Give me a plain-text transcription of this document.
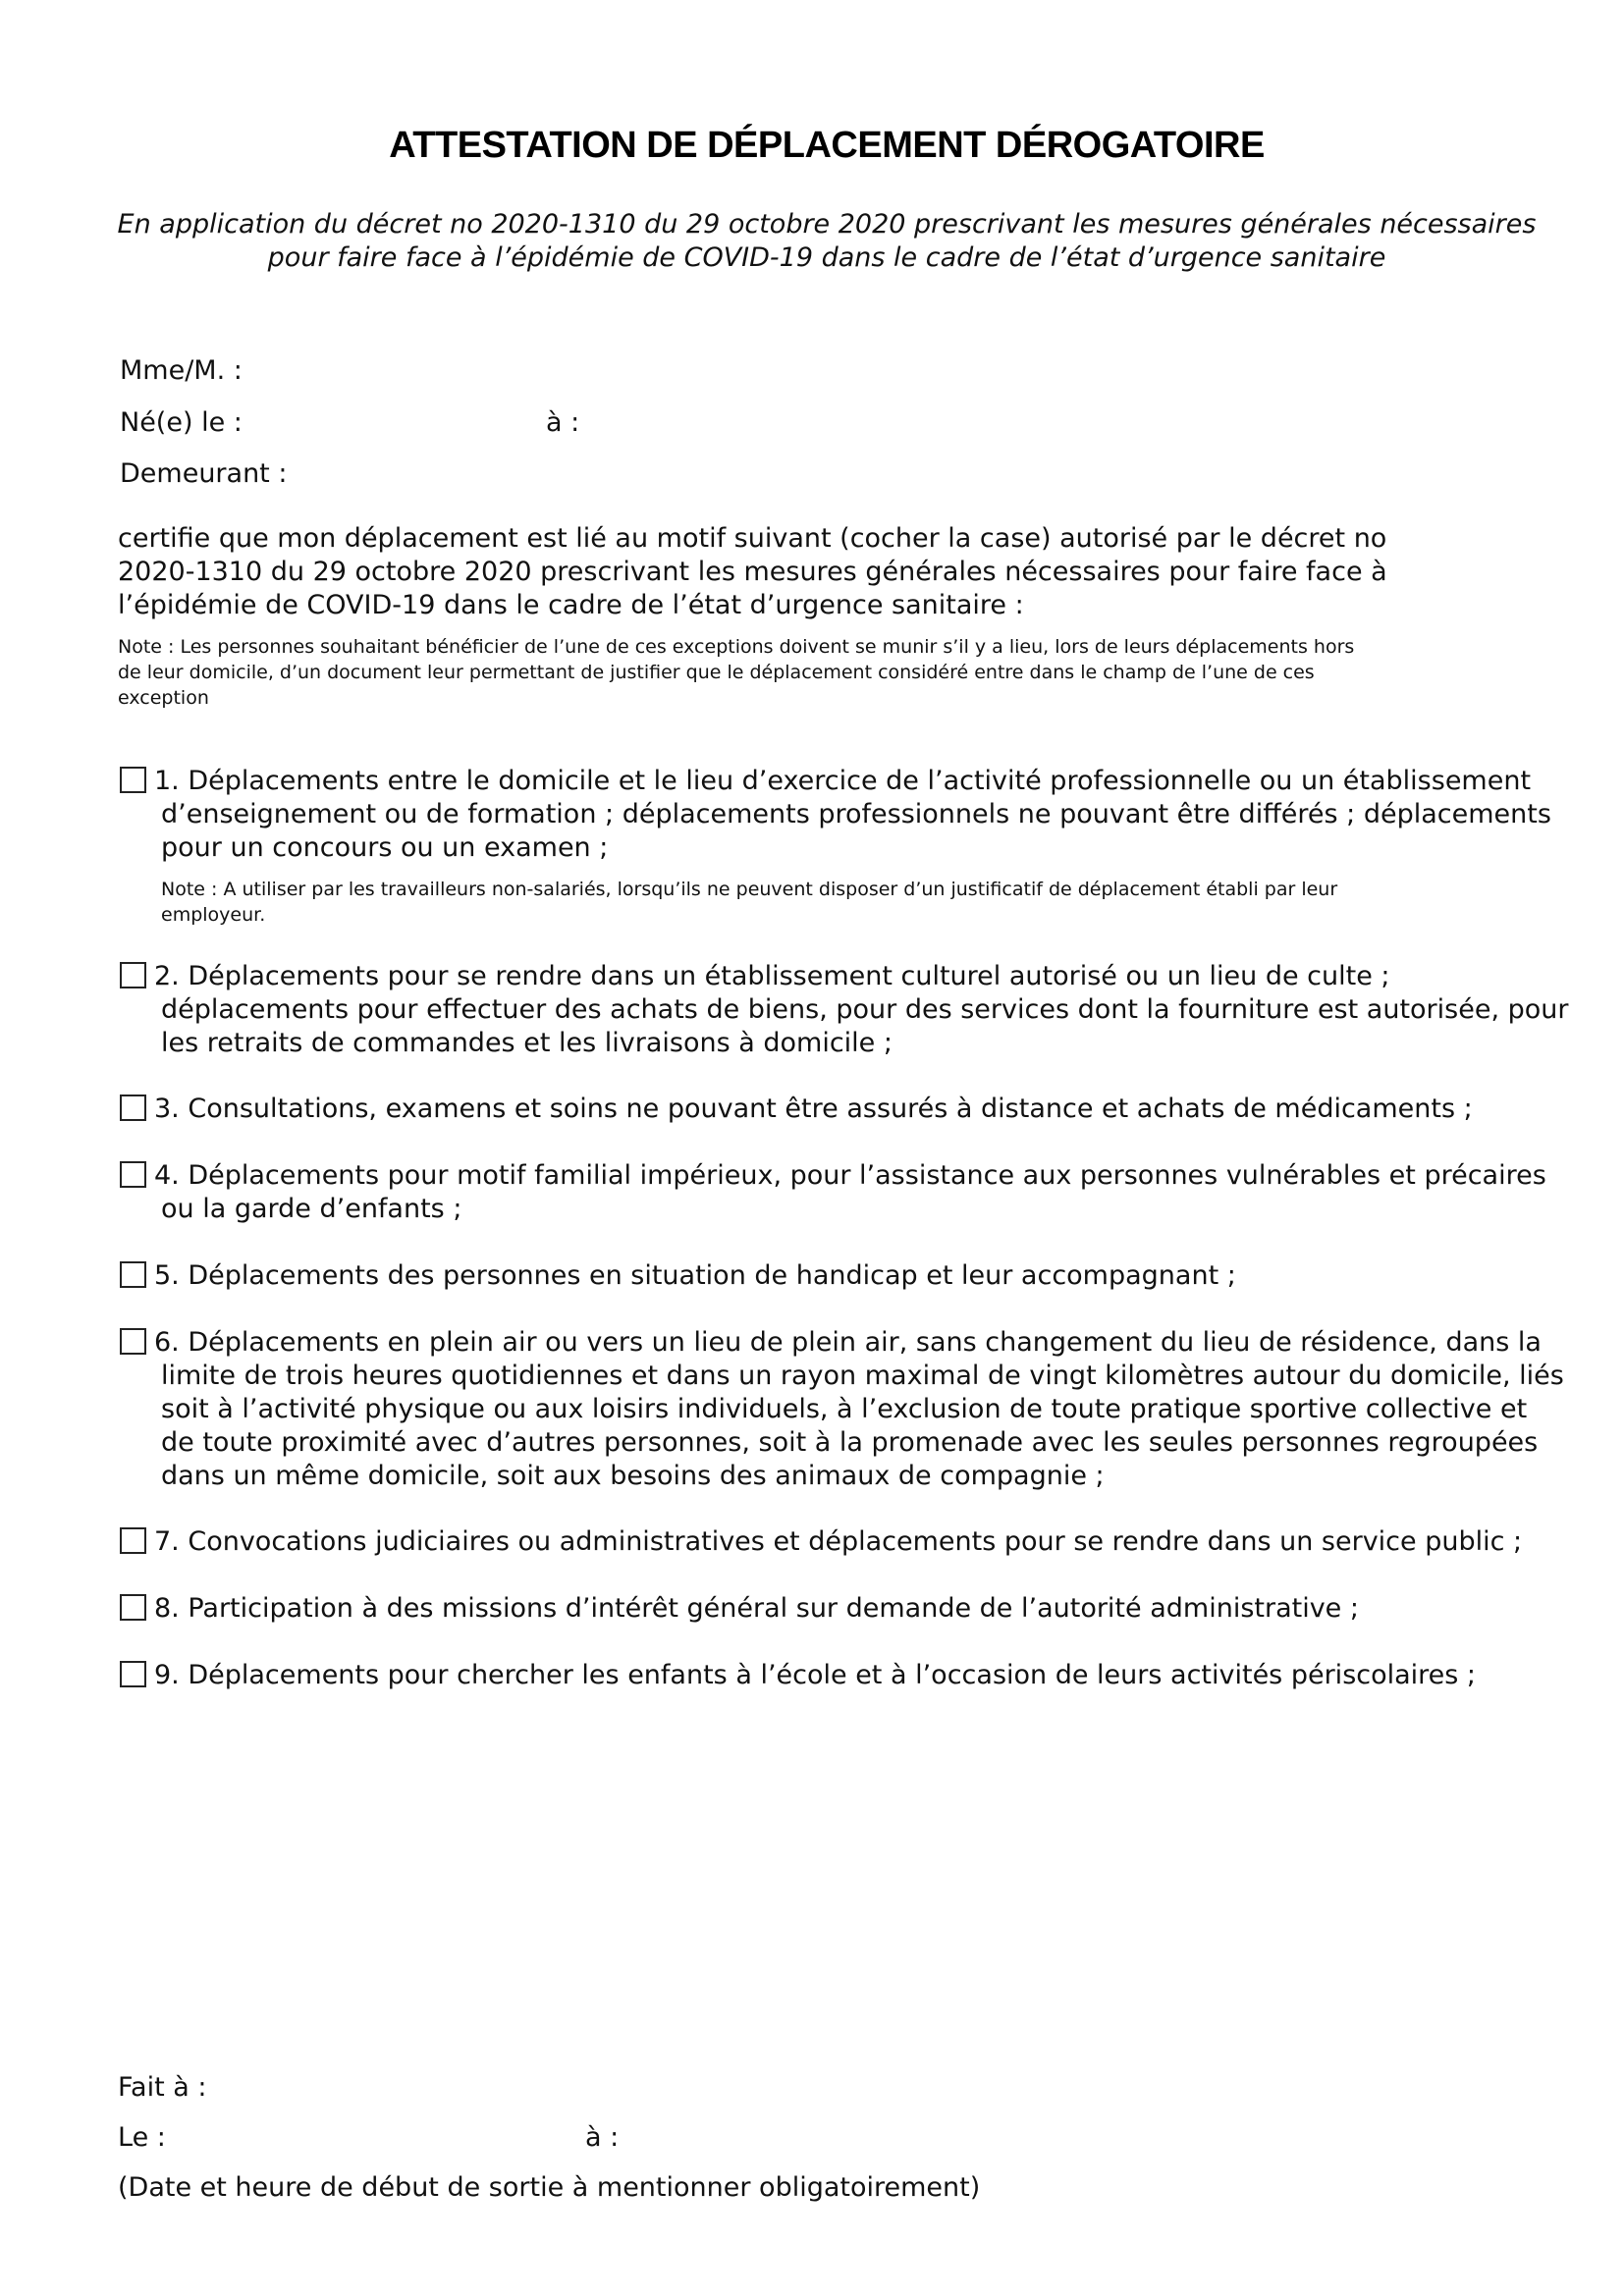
ATTESTATION DE DÉPLACEMENT DÉROGATOIRE
En application du décret no 2020-1310 du 29 octobre 2020 prescrivant les mesures générales nécessaires
pour faire face à l’épidémie de COVID-19 dans le cadre de l’état d’urgence sanitaire
Mme/M. :
Né(e) le :	à :
Demeurant :
certifie que mon déplacement est lié au motif suivant (cocher la case) autorisé par le décret no
2020-1310 du 29 octobre 2020 prescrivant les mesures générales nécessaires pour faire face à
l’épidémie de COVID-19 dans le cadre de l’état d’urgence sanitaire :
Note : Les personnes souhaitant bénéficier de l’une de ces exceptions doivent se munir s’il y a lieu, lors de leurs déplacements hors
de leur domicile, d’un document leur permettant de justifier que le déplacement considéré entre dans le champ de l’une de ces
exception
1. Déplacements entre le domicile et le lieu d’exercice de l’activité professionnelle ou un établissement
d’enseignement ou de formation ; déplacements professionnels ne pouvant être différés ; déplacements
pour un concours ou un examen ;
Note : A utiliser par les travailleurs non-salariés, lorsqu’ils ne peuvent disposer d’un justificatif de déplacement établi par leur
employeur.
2. Déplacements pour se rendre dans un établissement culturel autorisé ou un lieu de culte ;
déplacements pour effectuer des achats de biens, pour des services dont la fourniture est autorisée, pour
les retraits de commandes et les livraisons à domicile ;
3. Consultations, examens et soins ne pouvant être assurés à distance et achats de médicaments ;
4. Déplacements pour motif familial impérieux, pour l’assistance aux personnes vulnérables et précaires
ou la garde d’enfants ;
5. Déplacements des personnes en situation de handicap et leur accompagnant ;
6. Déplacements en plein air ou vers un lieu de plein air, sans changement du lieu de résidence, dans la
limite de trois heures quotidiennes et dans un rayon maximal de vingt kilomètres autour du domicile, liés
soit à l’activité physique ou aux loisirs individuels, à l’exclusion de toute pratique sportive collective et
de toute proximité avec d’autres personnes, soit à la promenade avec les seules personnes regroupées
dans un même domicile, soit aux besoins des animaux de compagnie ;
7. Convocations judiciaires ou administratives et déplacements pour se rendre dans un service public ;
8. Participation à des missions d’intérêt général sur demande de l’autorité administrative ;
9. Déplacements pour chercher les enfants à l’école et à l’occasion de leurs activités périscolaires ;
Fait à :
Le :	à :
(Date et heure de début de sortie à mentionner obligatoirement)
